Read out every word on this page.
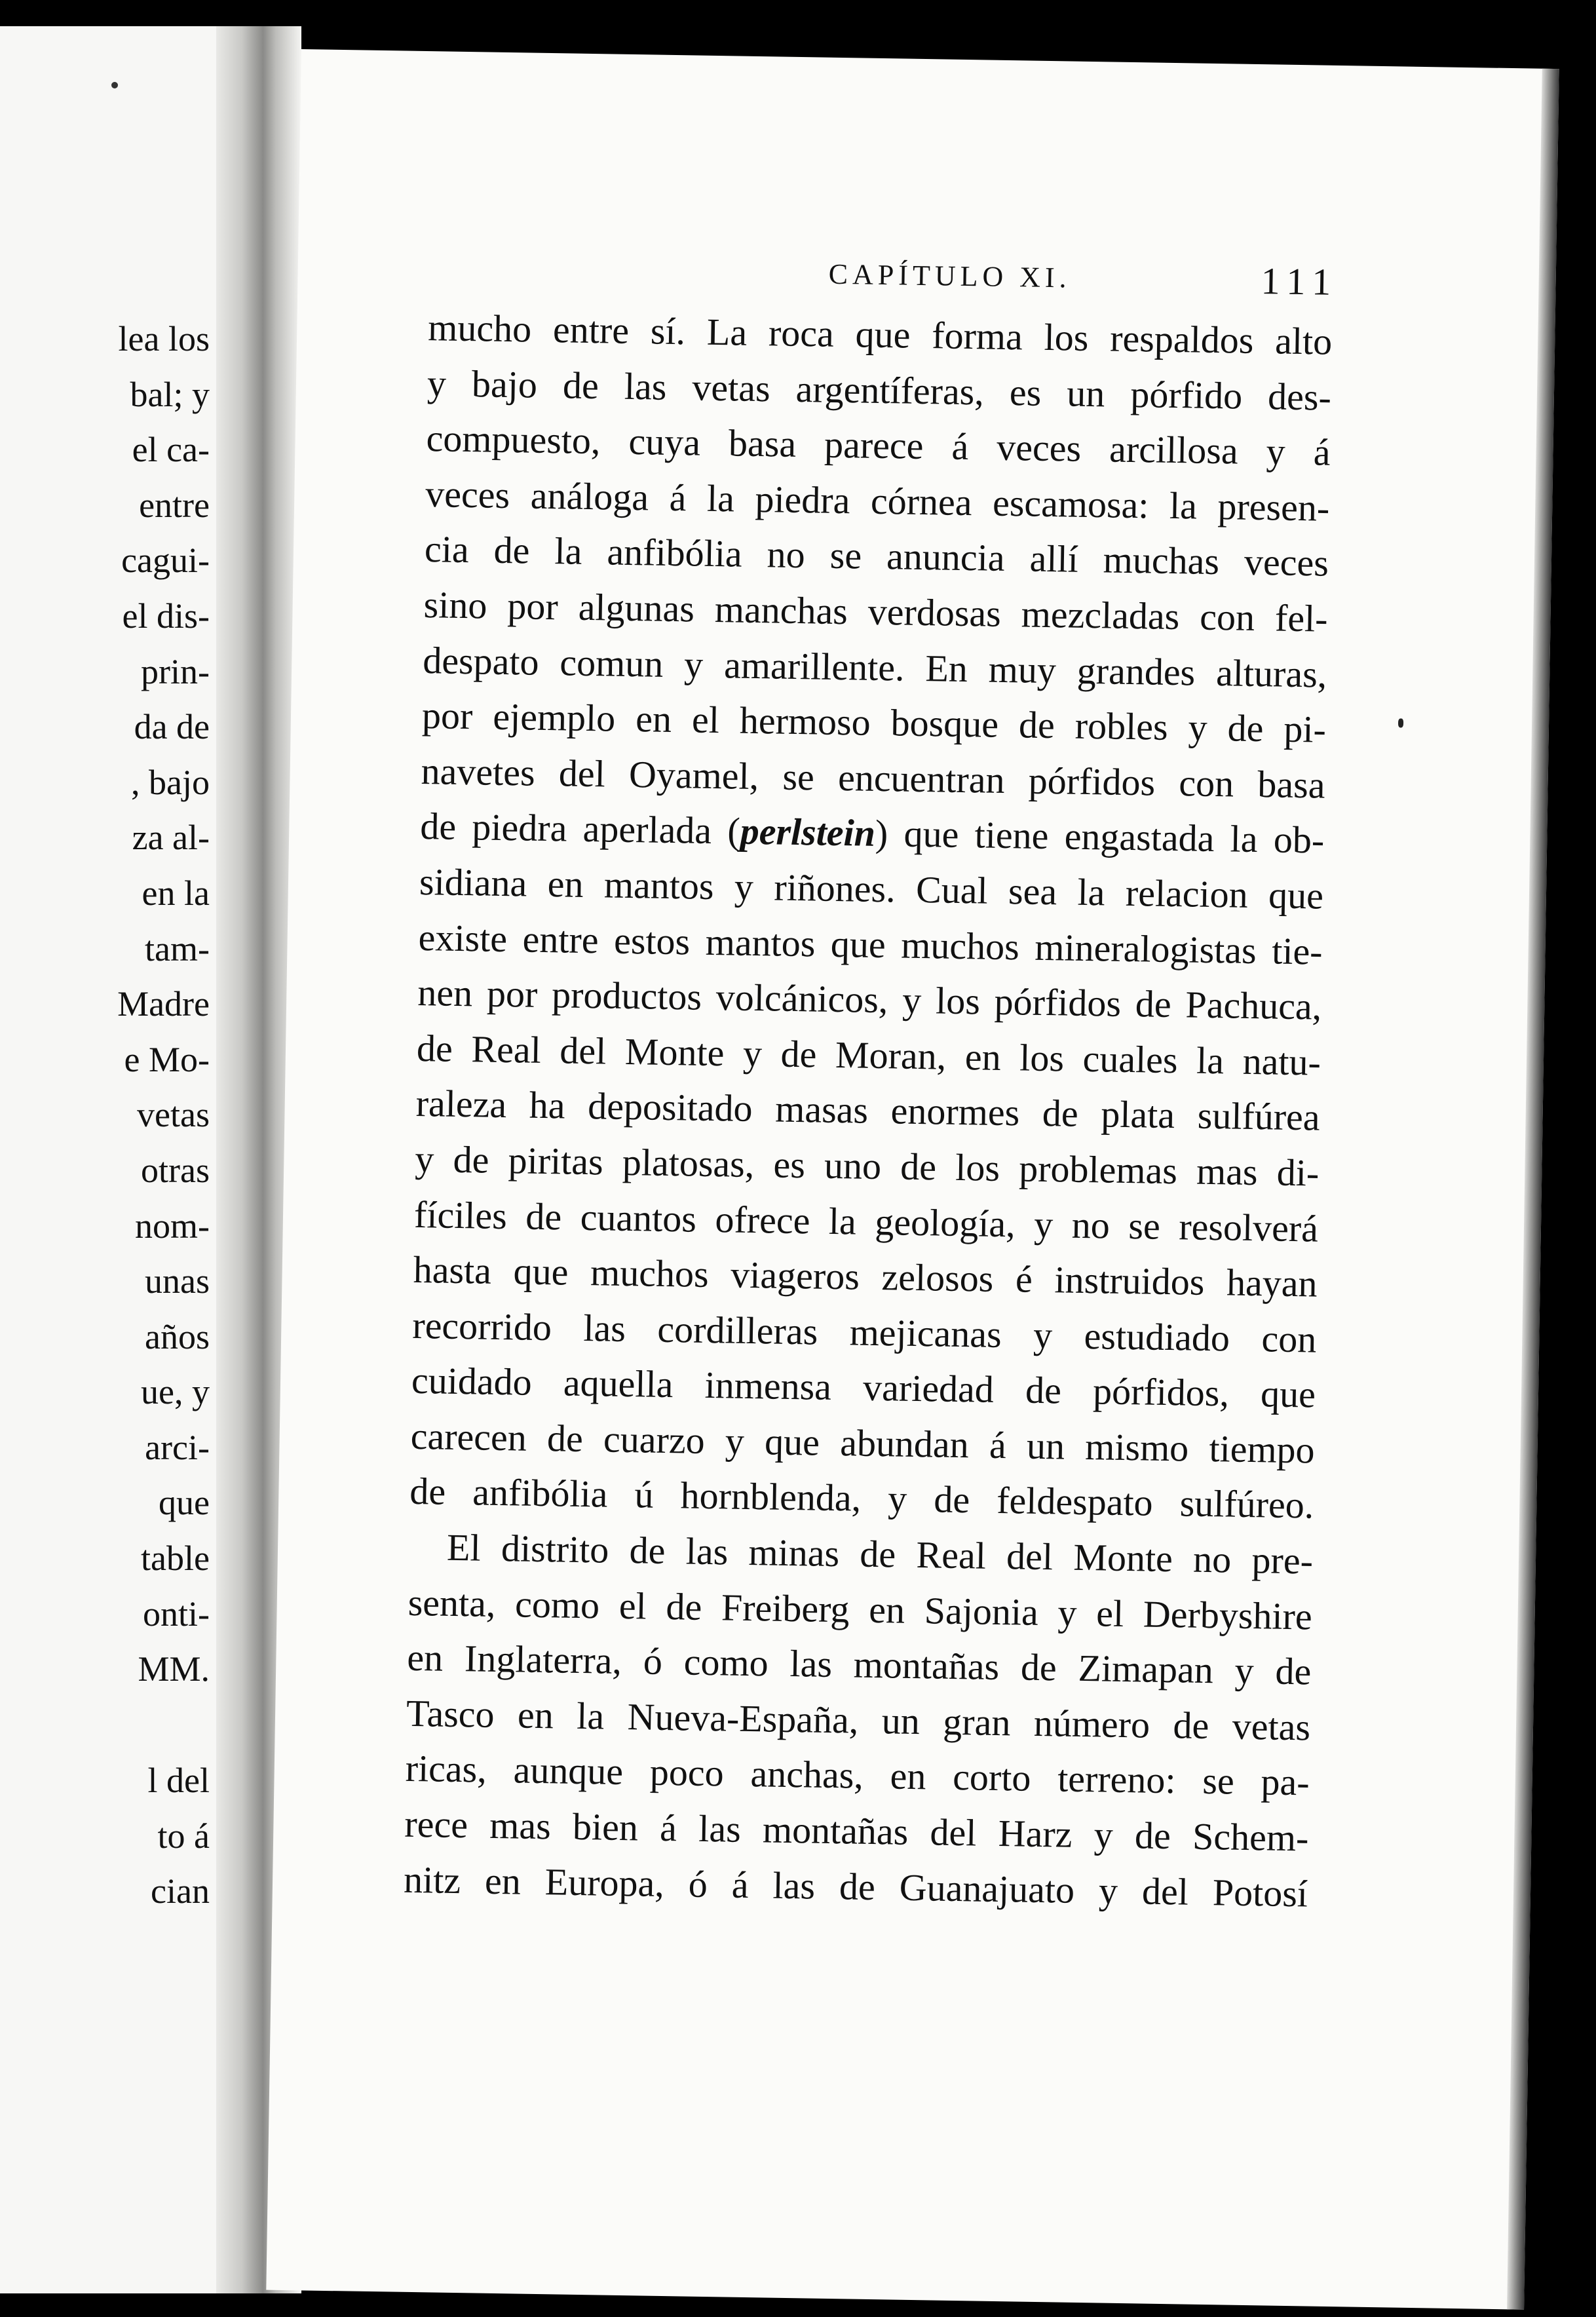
lea los
bal; y
el ca-
entre
cagui-
el dis-
prin-
da de
, bajo
za al-
en la
tam-
Madre
e Mo-
vetas
otras
nom-
unas
años
ue, y
arci-
que
table
onti-
MM.
l del
to á
cian
CAPÍTULO XI.	111
mucho entre sí. La roca que forma los respaldos alto
y bajo de las vetas argentíferas, es un pórfido des-
compuesto, cuya basa parece á veces arcillosa y á
veces análoga á la piedra córnea escamosa: la presen-
cia de la anfibólia no se anuncia allí muchas veces
sino por algunas manchas verdosas mezcladas con fel-
despato comun y amarillente. En muy grandes alturas,
por ejemplo en el hermoso bosque de robles y de pi-
navetes del Oyamel, se encuentran pórfidos con basa
de piedra aperlada (perlstein) que tiene engastada la ob-
sidiana en mantos y riñones. Cual sea la relacion que
existe entre estos mantos que muchos mineralogistas tie-
nen por productos volcánicos, y los pórfidos de Pachuca,
de Real del Monte y de Moran, en los cuales la natu-
raleza ha depositado masas enormes de plata sulfúrea
y de piritas platosas, es uno de los problemas mas di-
fíciles de cuantos ofrece la geología, y no se resolverá
hasta que muchos viageros zelosos é instruidos hayan
recorrido las cordilleras mejicanas y estudiado con
cuidado aquella inmensa variedad de pórfidos, que
carecen de cuarzo y que abundan á un mismo tiempo
de anfibólia ú hornblenda, y de feldespato sulfúreo.
El distrito de las minas de Real del Monte no pre-
senta, como el de Freiberg en Sajonia y el Derbyshire
en Inglaterra, ó como las montañas de Zimapan y de
Tasco en la Nueva-España, un gran número de vetas
ricas, aunque poco anchas, en corto terreno: se pa-
rece mas bien á las montañas del Harz y de Schem-
nitz en Europa, ó á las de Guanajuato y del Potosí
